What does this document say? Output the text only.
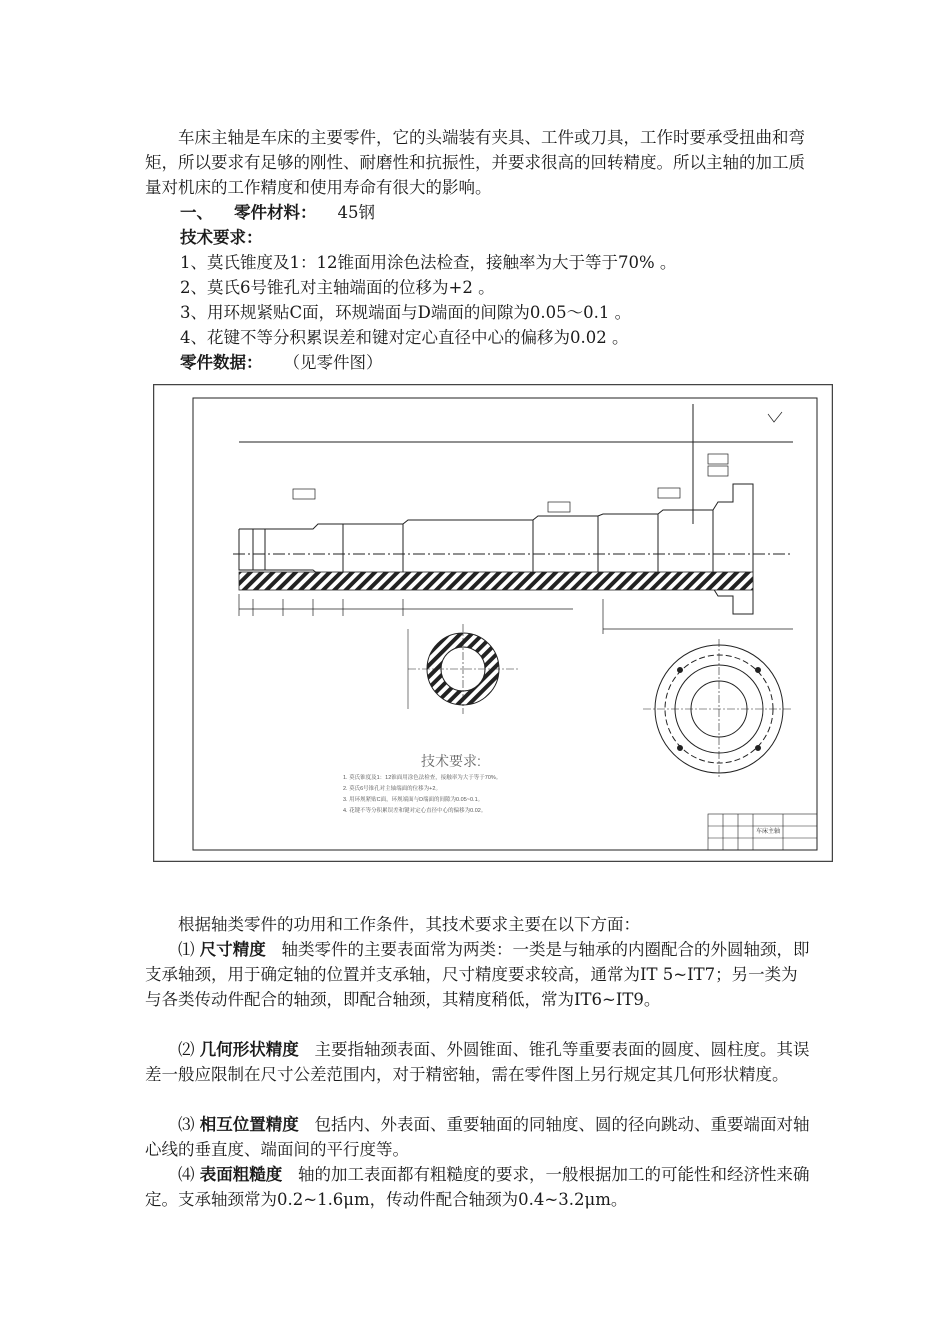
车床主轴是车床的主要零件，它的头端装有夹具、工件或刀具，工作时要承受扭曲和弯矩，所以要求有足够的刚性、耐磨性和抗振性，并要求很高的回转精度。所以主轴的加工质量对机床的工作精度和使用寿命有很大的影响。
一、 零件材料： 45钢
技术要求：
1、莫氏锥度及1：12锥面用涂色法检查，接触率为大于等于70% 。
2、莫氏6号锥孔对主轴端面的位移为+2 。
3、用环规紧贴C面，环规端面与D端面的间隙为0.05～0.1 。
4、花键不等分积累误差和键对定心直径中心的偏移为0.02 。
零件数据： （见零件图）
技术要求:
1. 莫氏锥度及1：12锥面用涂色法检查，接触率为大于等于70%。
2. 莫氏6号锥孔对主轴端面的位移为+2。
3. 用环规紧贴C面，环规端面与D端面的间隙为0.05~0.1。
4. 花键不等分积累误差和键对定心直径中心的偏移为0.02。
车床主轴
根据轴类零件的功用和工作条件，其技术要求主要在以下方面：
⑴ 尺寸精度 轴类零件的主要表面常为两类：一类是与轴承的内圈配合的外圆轴颈，即支承轴颈，用于确定轴的位置并支承轴，尺寸精度要求较高，通常为IT 5~IT7；另一类为与各类传动件配合的轴颈，即配合轴颈，其精度稍低，常为IT6~IT9。
⑵ 几何形状精度 主要指轴颈表面、外圆锥面、锥孔等重要表面的圆度、圆柱度。其误差一般应限制在尺寸公差范围内，对于精密轴，需在零件图上另行规定其几何形状精度。
⑶ 相互位置精度 包括内、外表面、重要轴面的同轴度、圆的径向跳动、重要端面对轴心线的垂直度、端面间的平行度等。
⑷ 表面粗糙度 轴的加工表面都有粗糙度的要求，一般根据加工的可能性和经济性来确定。支承轴颈常为0.2~1.6μm，传动件配合轴颈为0.4~3.2μm。
